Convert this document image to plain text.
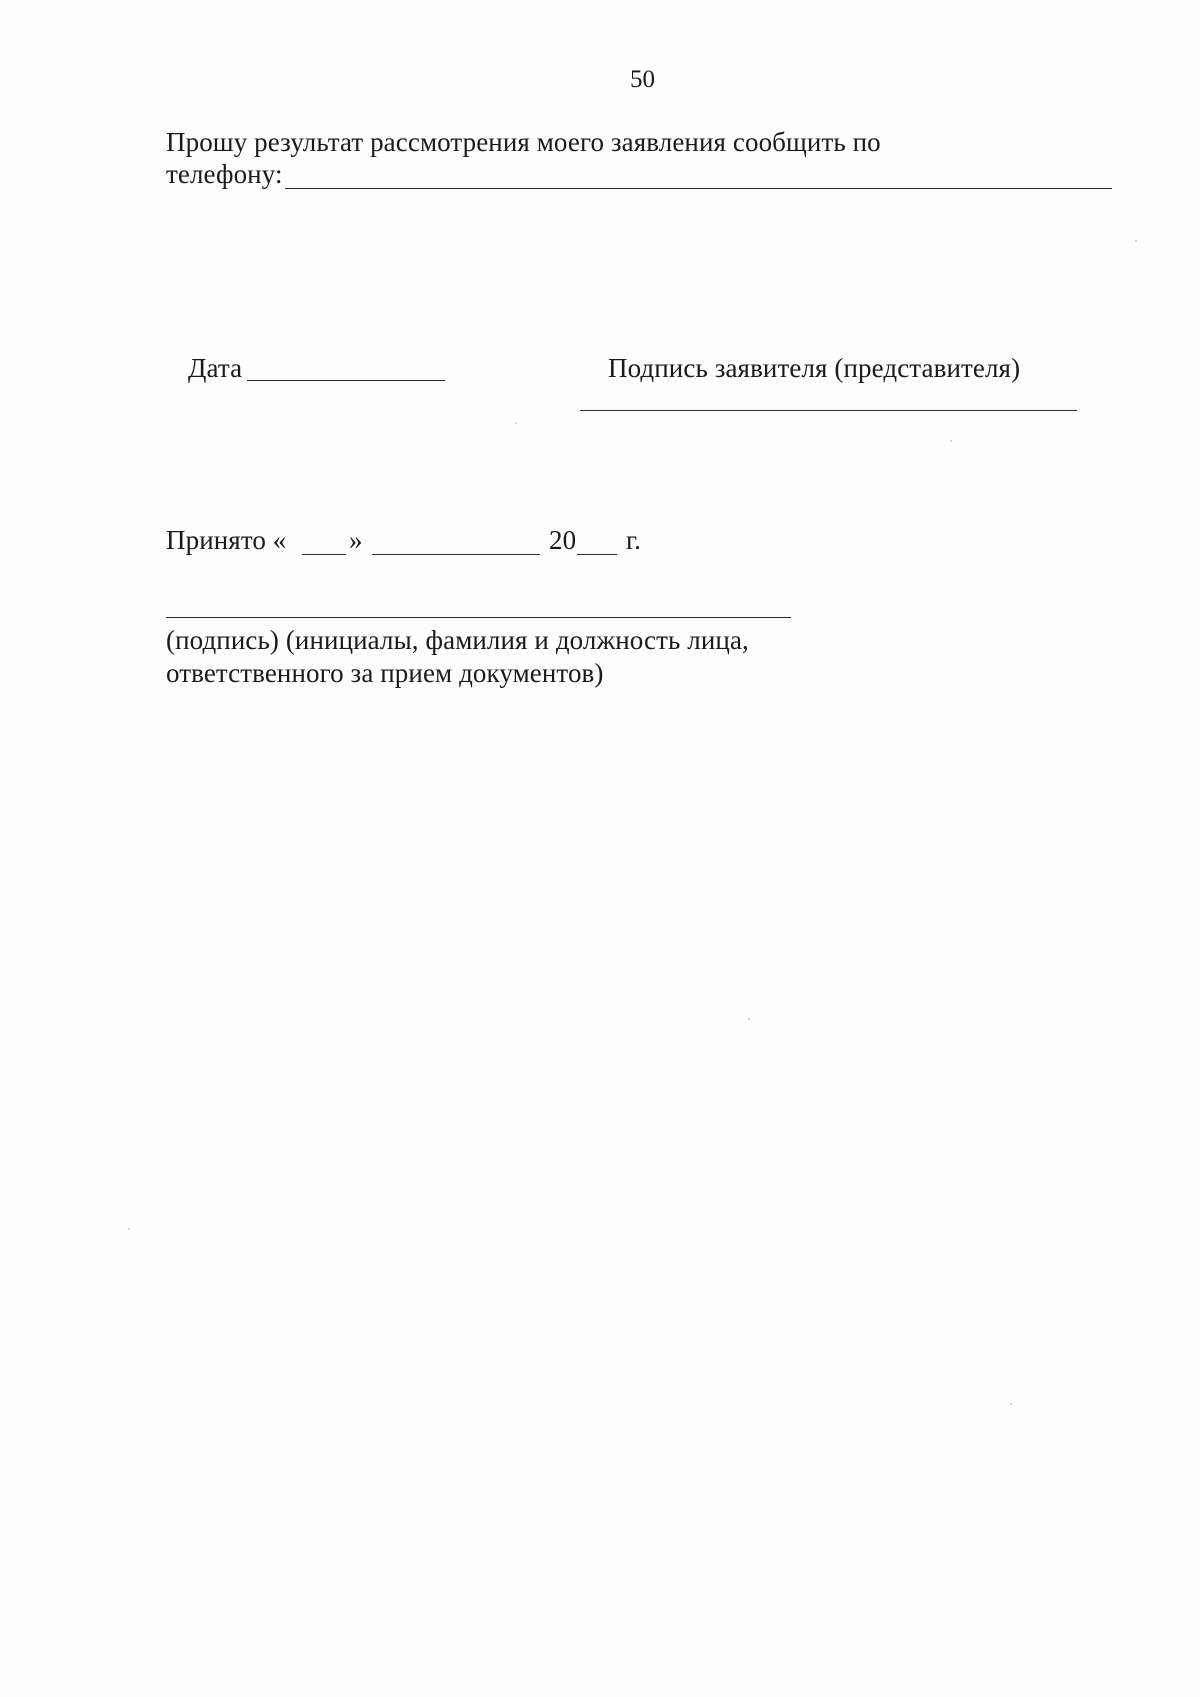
50
Прошу результат рассмотрения моего заявления сообщить по
телефону:
Дата	Подпись заявителя (представителя)
Принято « »	20 г.
(подпись) (инициалы, фамилия и должность лица,
ответственного за прием документов)
